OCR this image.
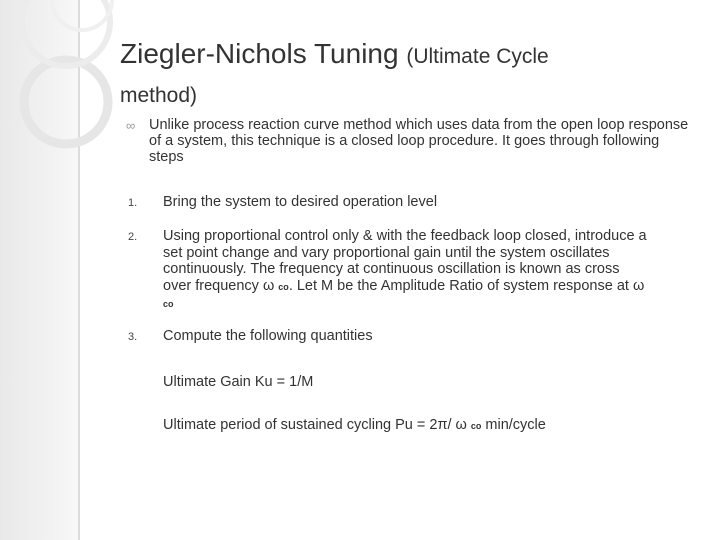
Ziegler-Nichols Tuning (Ultimate Cycle
method)
∞ Unlike process reaction curve method which uses data from the open loop response of a system, this technique is a closed loop procedure. It goes through following steps
1. Bring the system to desired operation level
2. Using proportional control only & with the feedback loop closed, introduce a set point change and vary proportional gain until the system oscillates continuously. The frequency at continuous oscillation is known as cross over frequency ω co. Let M be the Amplitude Ratio of system response at ω co
3. Compute the following quantities
Ultimate Gain Ku = 1/M
Ultimate period of sustained cycling Pu = 2π/ ω co min/cycle
